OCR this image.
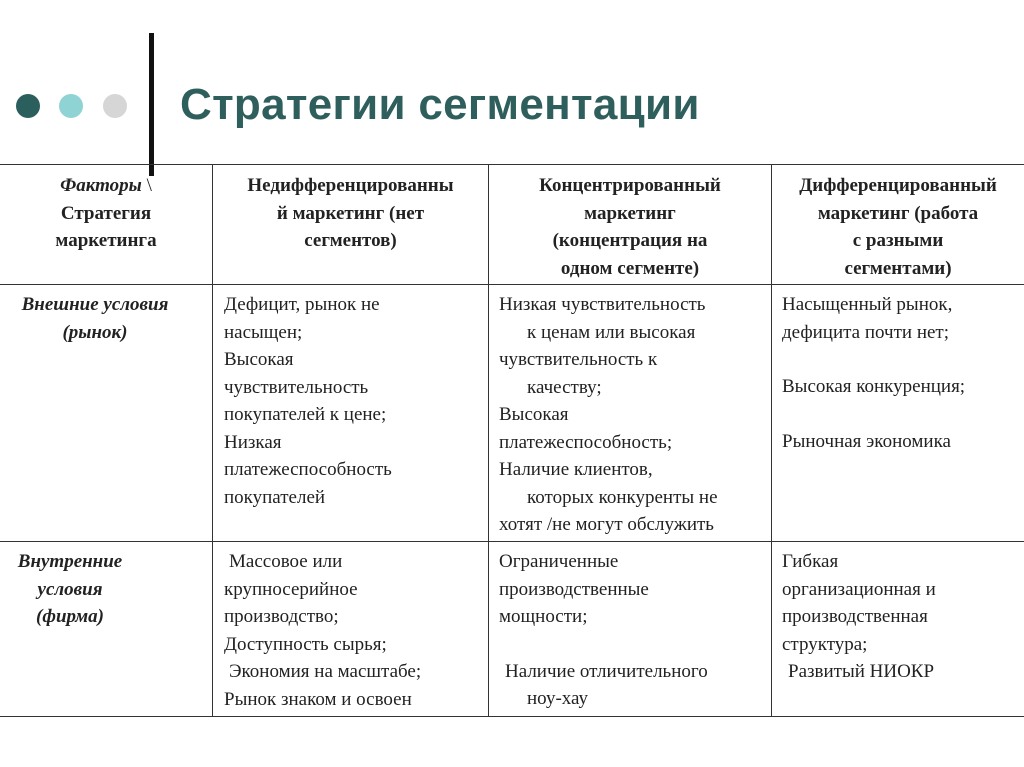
Стратегии сегментации
Факторы \
Стратегия
маркетинга
Недифференцированны
й маркетинг (нет
сегментов)
Концентрированный
маркетинг
(концентрация на
одном сегменте)
Дифференцированный
маркетинг (работа
с разными
сегментами)
Внешние условия
(рынок)
Дефицит, рынок не
насыщен;
Высокая
чувствительность
покупателей к цене;
Низкая
платежеспособность
покупателей
Низкая чувствительность
к ценам или высокая
чувствительность к
качеству;
Высокая
платежеспособность;
Наличие клиентов,
которых конкуренты не
хотят /не могут обслужить
Насыщенный рынок,
дефицита почти нет;
Высокая конкуренция;
Рыночная экономика
Внутренние
условия
(фирма)
Массовое или
крупносерийное
производство;
Доступность сырья;
Экономия на масштабе;
Рынок знаком и освоен
Ограниченные
производственные
мощности;
Наличие отличительного
ноу-хау
Гибкая
организационная и
производственная
структура;
Развитый НИОКР
